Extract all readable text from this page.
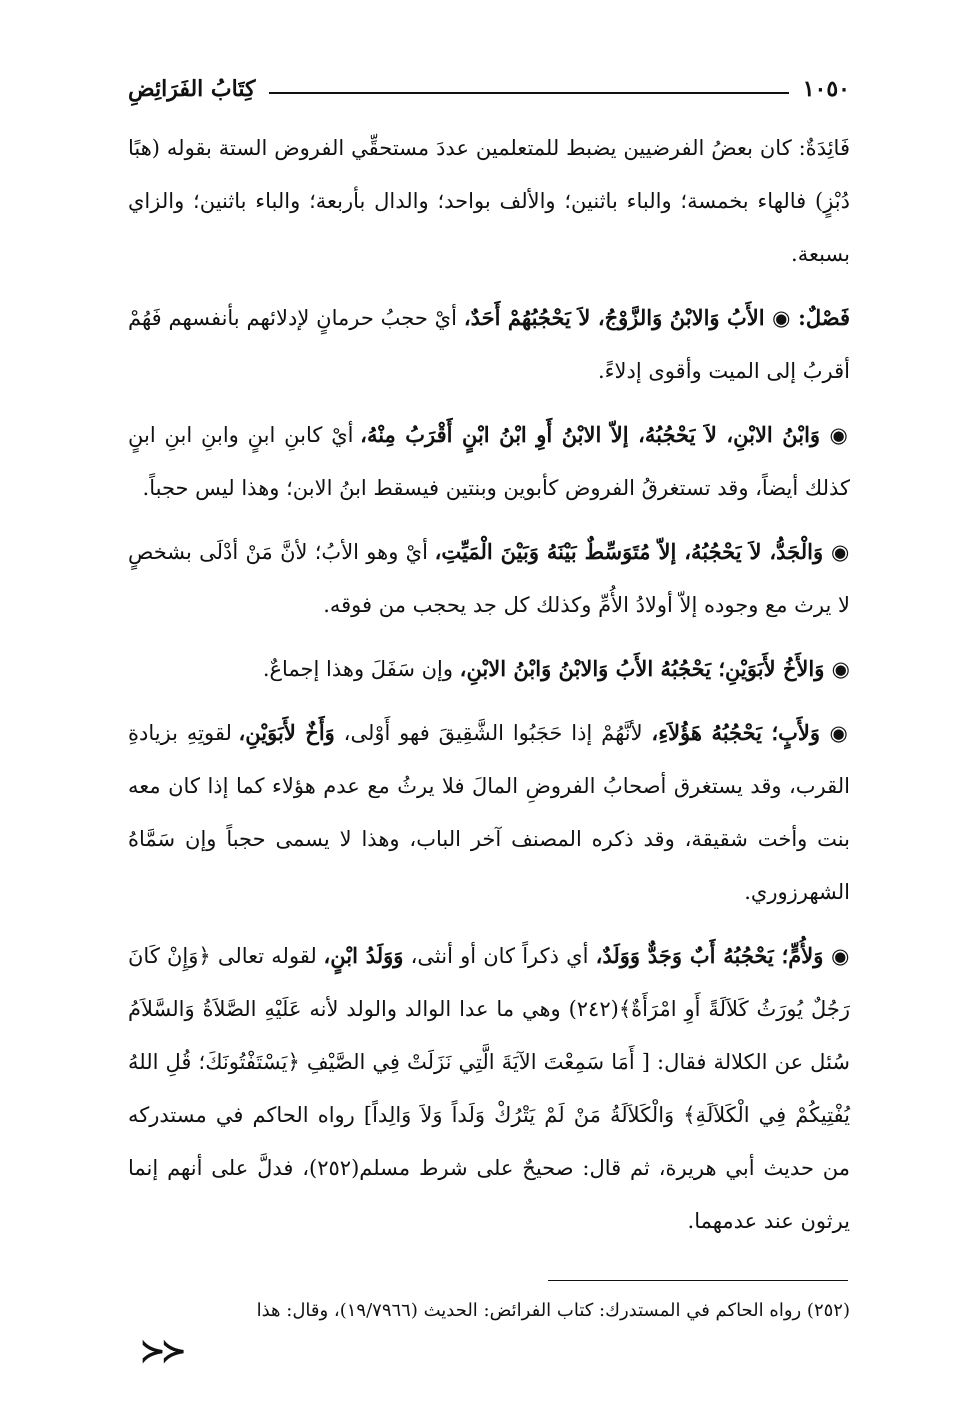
١٠٥٠
كِتَابُ الفَرَائِضِ

فَائِدَةٌ: كان بعضُ الفرضيين يضبط للمتعلمين عددَ مستحقِّي الفروض الستة بقوله (هبًا دُبْزٍ) فالهاء بخمسة؛ والباء باثنين؛ والألف بواحد؛ والدال بأربعة؛ والباء باثنين؛ والزاي بسبعة.

فَصْلٌ: ◉ الأَبُ وَالابْنُ وَالزَّوْجُ، لاَ يَحْجُبُهُمْ أَحَدٌ، أيْ حجبُ حرمانٍ لإدلائهم بأنفسهم فَهُمْ أقربُ إلى الميت وأقوى إدلاءً.

◉ وَابْنُ الابْنِ، لاَ يَحْجُبُهُ، إلاّ الابْنُ أَوِ ابْنُ ابْنٍ أَقْرَبُ مِنْهُ، أيْ كابنِ ابنٍ وابنِ ابنِ ابنٍ كذلك أيضاً، وقد تستغرقُ الفروض كأبوين وبنتين فيسقط ابنُ الابن؛ وهذا ليس حجباً.

◉ وَالْجَدُّ، لاَ يَحْجُبُهُ، إلاّ مُتَوَسِّطٌ بَيْنَهُ وَبَيْنَ الْمَيِّتِ، أيْ وهو الأبُ؛ لأنَّ مَنْ أدْلَى بشخصٍ لا يرث مع وجوده إلاّ أولادُ الأُمِّ وكذلك كل جد يحجب من فوقه.

◉ وَالأَخُ لأَبَوَيْنِ؛ يَحْجُبُهُ الأَبُ وَالابْنُ وَابْنُ الابْنِ، وإن سَفَلَ وهذا إجماعٌ.

◉ وَلأَبٍ؛ يَحْجُبُهُ هَؤُلاَءِ، لأنَّهُمْ إذا حَجَبُوا الشَّقِيقَ فهو أَوْلى، وَأَخٌ لأَبَوَيْنِ، لقوتِهِ بزيادةِ القرب، وقد يستغرق أصحابُ الفروضِ المالَ فلا يرثُ مع عدم هؤلاء كما إذا كان معه بنت وأخت شقيقة، وقد ذكره المصنف آخر الباب، وهذا لا يسمى حجباً وإن سَمَّاهُ الشهرزوري.

◉ وَلأُمٍّ؛ يَحْجُبُهُ أَبٌ وَجَدٌّ وَوَلَدٌ، أي ذكراً كان أو أنثى، وَوَلَدُ ابْنٍ، لقوله تعالى ﴿وَإِنْ كَانَ رَجُلٌ يُورَثُ كَلاَلَةً أَوِ امْرَأَةٌ﴾(٢٤٢) وهي ما عدا الوالد والولد لأنه عَلَيْهِ الصَّلاَةُ وَالسَّلاَمُ سُئل عن الكلالة فقال: [ أَمَا سَمِعْتَ الآيَةَ الَّتِي نَزَلَتْ فِي الصَّيْفِ ﴿يَسْتَفْتُونَكَ؛ قُلِ اللهُ يُفْتِيكُمْ فِي الْكَلاَلَةِ﴾ وَالْكَلاَلَةُ مَنْ لَمْ يَتْرُكْ وَلَداً وَلاَ وَالِداً] رواه الحاكم في مستدركه من حديث أبي هريرة، ثم قال: صحيحٌ على شرط مسلم(٢٥٢)، فدلَّ على أنهم إنما يرثون عند عدمهما.

(٢٥٢) رواه الحاكم في المستدرك: كتاب الفرائض: الحديث (١٩/٧٩٦٦)، وقال: هذا
≺≺
